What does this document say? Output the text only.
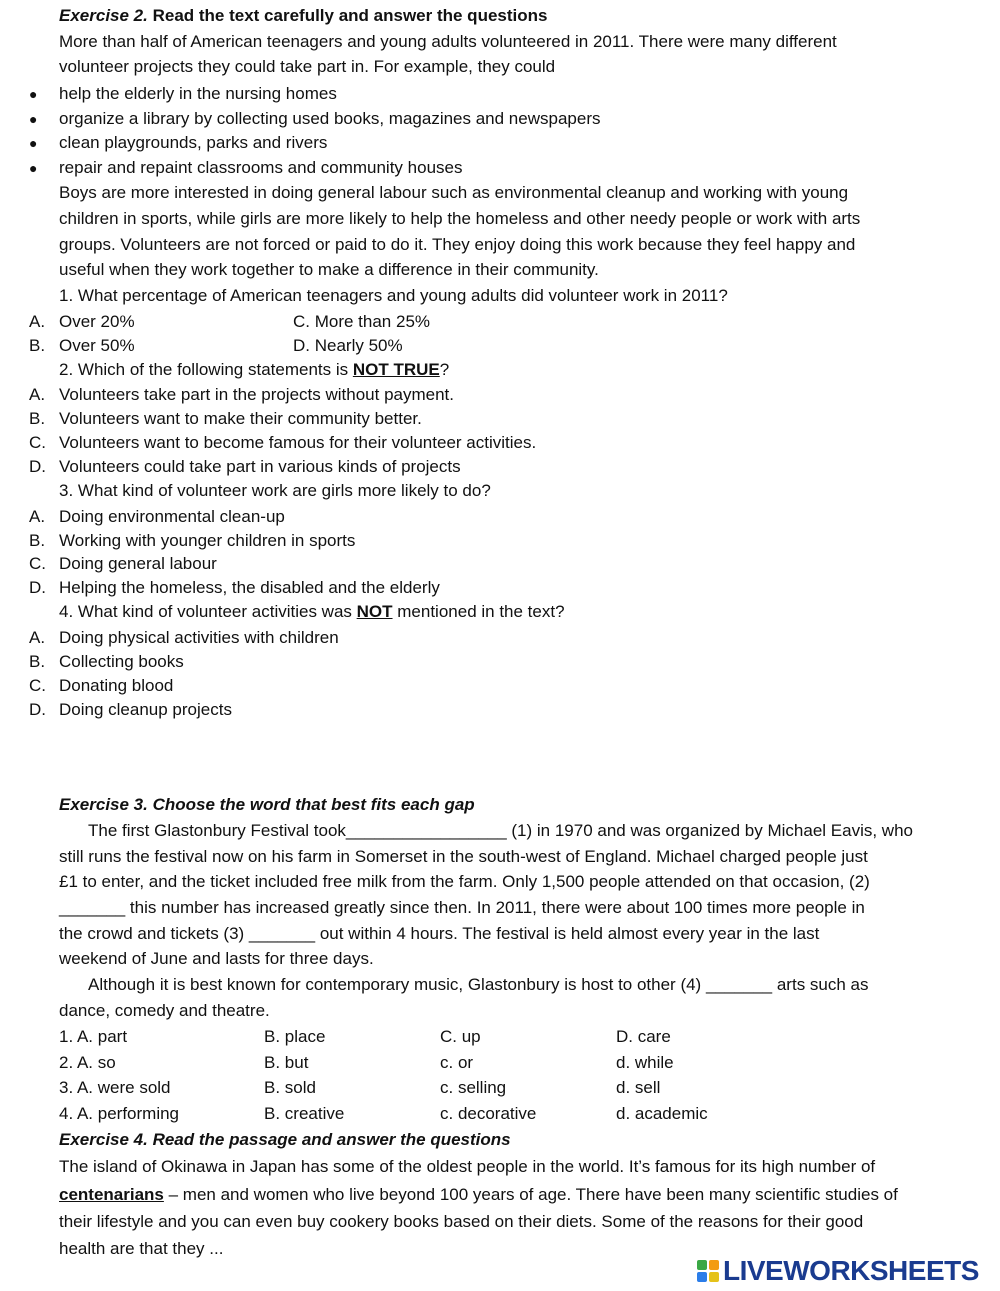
Exercise 2. Read the text carefully and answer the questions
More than half of American teenagers and young adults volunteered in 2011. There were many different
volunteer projects they could take part in. For example, they could
● help the elderly in the nursing homes
● organize a library by collecting used books, magazines and newspapers
● clean playgrounds, parks and rivers
● repair and repaint classrooms and community houses
Boys are more interested in doing general labour such as environmental cleanup and working with young
children in sports, while girls are more likely to help the homeless and other needy people or work with arts
groups. Volunteers are not forced or paid to do it. They enjoy doing this work because they feel happy and
useful when they work together to make a difference in their community.
1. What percentage of American teenagers and young adults did volunteer work in 2011?
A. Over 20%	C. More than 25%
B. Over 50%	D. Nearly 50%
2. Which of the following statements is NOT TRUE?
A. Volunteers take part in the projects without payment.
B. Volunteers want to make their community better.
C. Volunteers want to become famous for their volunteer activities.
D. Volunteers could take part in various kinds of projects
3. What kind of volunteer work are girls more likely to do?
A. Doing environmental clean-up
B. Working with younger children in sports
C. Doing general labour
D. Helping the homeless, the disabled and the elderly
4. What kind of volunteer activities was NOT mentioned in the text?
A. Doing physical activities with children
B. Collecting books
C. Donating blood
D. Doing cleanup projects
Exercise 3. Choose the word that best fits each gap
The first Glastonbury Festival took_________________ (1) in 1970 and was organized by Michael Eavis, who
still runs the festival now on his farm in Somerset in the south-west of England. Michael charged people just
£1 to enter, and the ticket included free milk from the farm. Only 1,500 people attended on that occasion, (2)
_______ this number has increased greatly since then. In 2011, there were about 100 times more people in
the crowd and tickets (3) _______ out within 4 hours. The festival is held almost every year in the last
weekend of June and lasts for three days.
Although it is best known for contemporary music, Glastonbury is host to other (4) _______ arts such as
dance, comedy and theatre.
1. A. part	B. place	C. up	D. care
2. A. so	B. but	c. or	d. while
3. A. were sold	B. sold	c. selling	d. sell
4. A. performing	B. creative	c. decorative	d. academic
Exercise 4. Read the passage and answer the questions
The island of Okinawa in Japan has some of the oldest people in the world. It’s famous for its high number of
centenarians – men and women who live beyond 100 years of age. There have been many scientific studies of
their lifestyle and you can even buy cookery books based on their diets. Some of the reasons for their good
health are that they ...
LIVEWORKSHEETS
